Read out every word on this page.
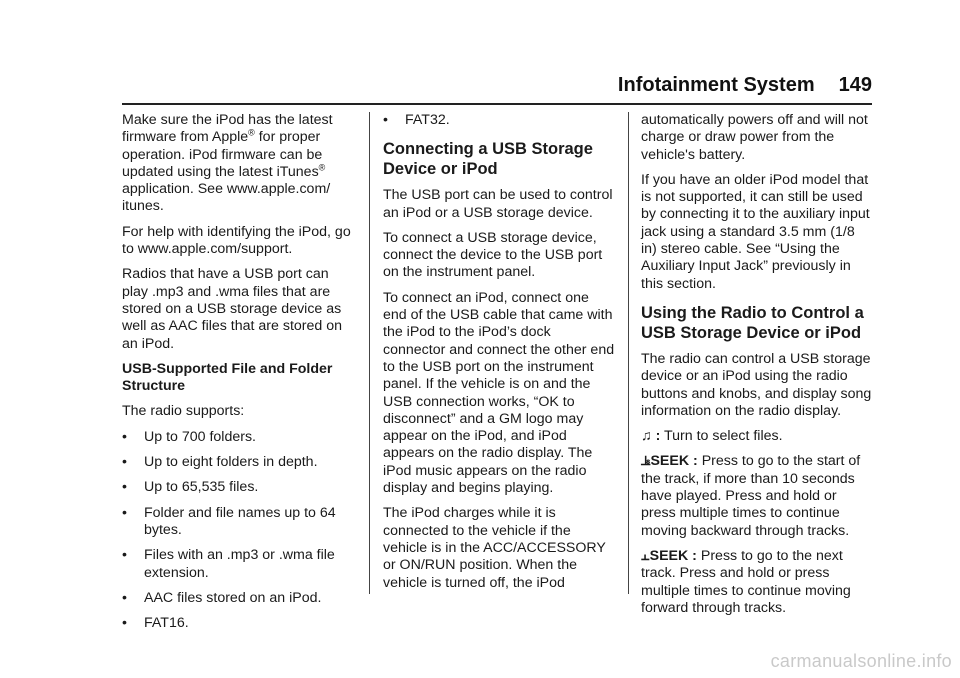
Infotainment System 149

Make sure the iPod has the latest firmware from Apple® for proper operation. iPod firmware can be updated using the latest iTunes® application. See www.apple.com/ itunes.

For help with identifying the iPod, go to www.apple.com/support.

Radios that have a USB port can play .mp3 and .wma files that are stored on a USB storage device as well as AAC files that are stored on an iPod.

USB-Supported File and Folder Structure

The radio supports:

• Up to 700 folders.
• Up to eight folders in depth.
• Up to 65,535 files.
• Folder and file names up to 64 bytes.
• Files with an .mp3 or .wma file extension.
• AAC files stored on an iPod.
• FAT16.
• FAT32.
Connecting a USB Storage Device or iPod

The USB port can be used to control an iPod or a USB storage device.

To connect a USB storage device, connect the device to the USB port on the instrument panel.

To connect an iPod, connect one end of the USB cable that came with the iPod to the iPod’s dock connector and connect the other end to the USB port on the instrument panel. If the vehicle is on and the USB connection works, “OK to disconnect” and a GM logo may appear on the iPod, and iPod appears on the radio display. The iPod music appears on the radio display and begins playing.

The iPod charges while it is connected to the vehicle if the vehicle is in the ACC/ACCESSORY or ON/RUN position. When the vehicle is turned off, the iPod

automatically powers off and will not charge or draw power from the vehicle's battery.

If you have an older iPod model that is not supported, it can still be used by connecting it to the auxiliary input jack using a standard 3.5 mm (1/8 in) stereo cable. See “Using the Auxiliary Input Jack” previously in this section.

Using the Radio to Control a USB Storage Device or iPod

The radio can control a USB storage device or an iPod using the radio buttons and knobs, and display song information on the radio display.

♫ : Turn to select files.

⫡SEEK : Press to go to the start of the track, if more than 10 seconds have played. Press and hold or press multiple times to continue moving backward through tracks.

⫠SEEK : Press to go to the next track. Press and hold or press multiple times to continue moving forward through tracks.

carmanualsonline.info
